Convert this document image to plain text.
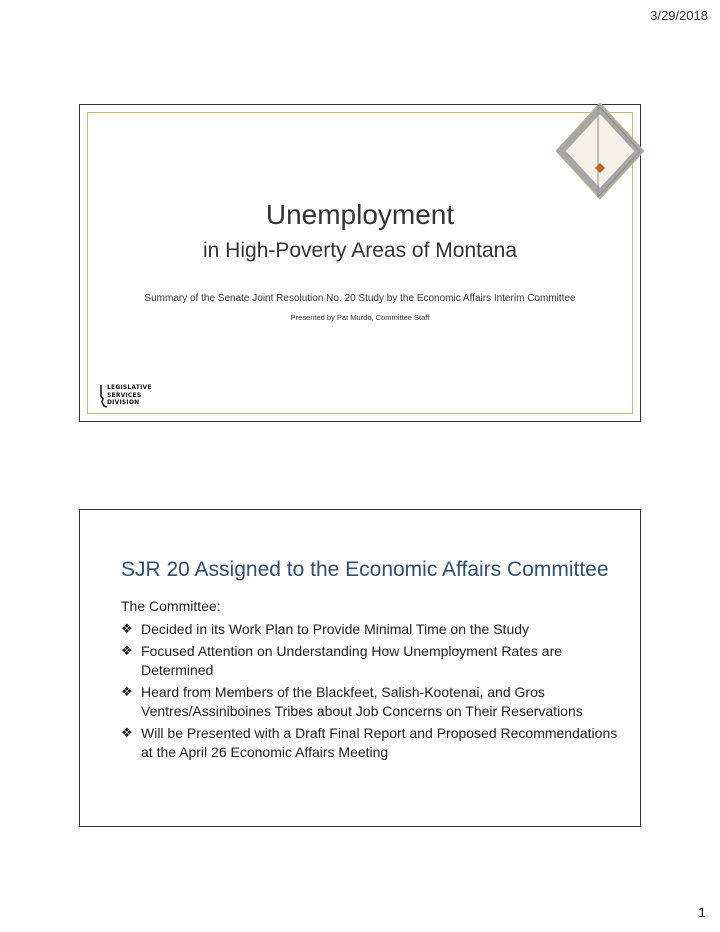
3/29/2018
Unemployment
in High-Poverty Areas of Montana
Summary of the Senate Joint Resolution No. 20 Study by the Economic Affairs Interim Committee
Presented by Pat Murdo, Committee Staff
LEGISLATIVE
SERVICES
DIVISION
SJR 20 Assigned to the Economic Affairs Committee
The Committee:
❖ Decided in its Work Plan to Provide Minimal Time on the Study
❖ Focused Attention on Understanding How Unemployment Rates are Determined
❖ Heard from Members of the Blackfeet, Salish-Kootenai, and Gros Ventres/Assiniboines Tribes about Job Concerns on Their Reservations
❖ Will be Presented with a Draft Final Report and Proposed Recommendations at the April 26 Economic Affairs Meeting
1
